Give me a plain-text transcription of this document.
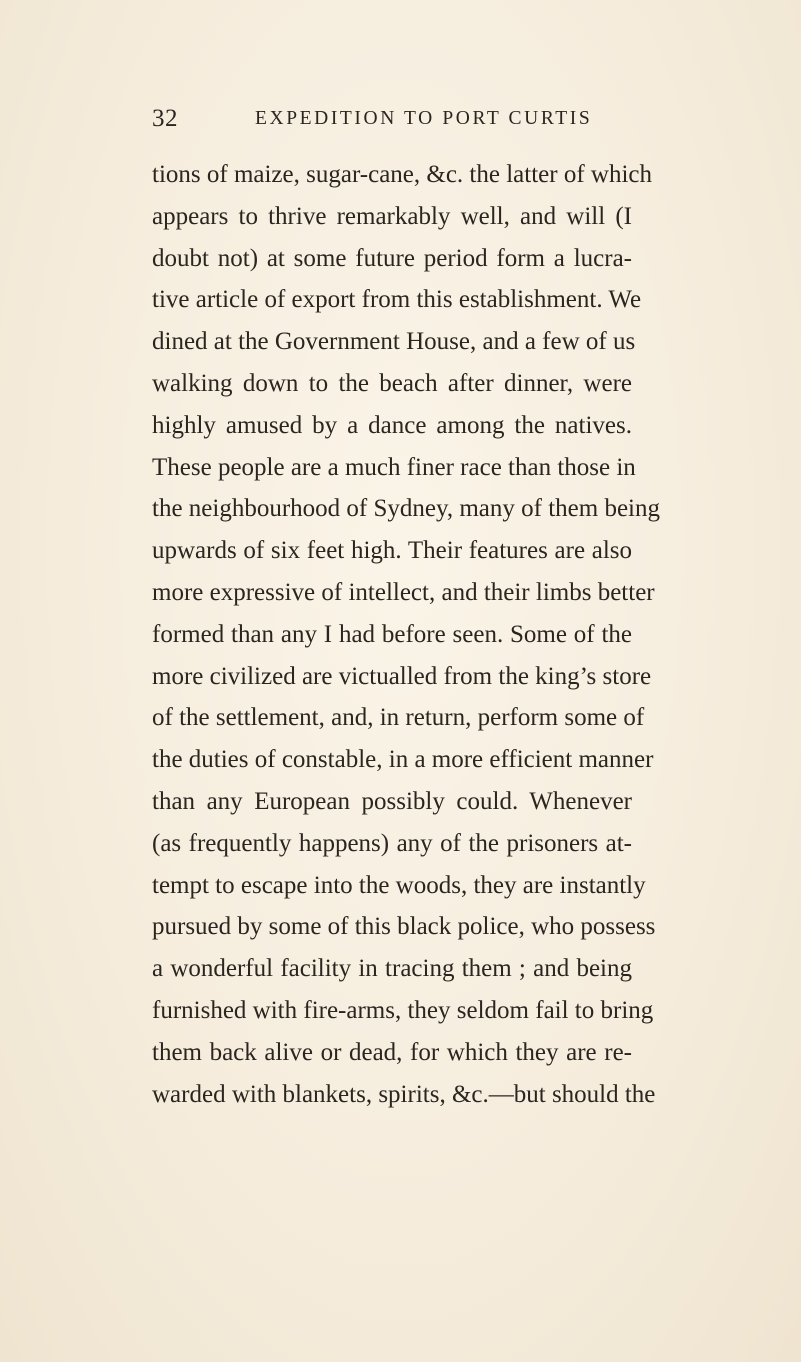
32	EXPEDITION TO PORT CURTIS
tions of maize, sugar-cane, &c. the latter of which
appears to thrive remarkably well, and will (I
doubt not) at some future period form a lucra-
tive article of export from this establishment. We
dined at the Government House, and a few of us
walking down to the beach after dinner, were
highly amused by a dance among the natives.
These people are a much finer race than those in
the neighbourhood of Sydney, many of them being
upwards of six feet high. Their features are also
more expressive of intellect, and their limbs better
formed than any I had before seen. Some of the
more civilized are victualled from the king’s store
of the settlement, and, in return, perform some of
the duties of constable, in a more efficient manner
than any European possibly could. Whenever
(as frequently happens) any of the prisoners at-
tempt to escape into the woods, they are instantly
pursued by some of this black police, who possess
a wonderful facility in tracing them ; and being
furnished with fire-arms, they seldom fail to bring
them back alive or dead, for which they are re-
warded with blankets, spirits, &c.—but should the
